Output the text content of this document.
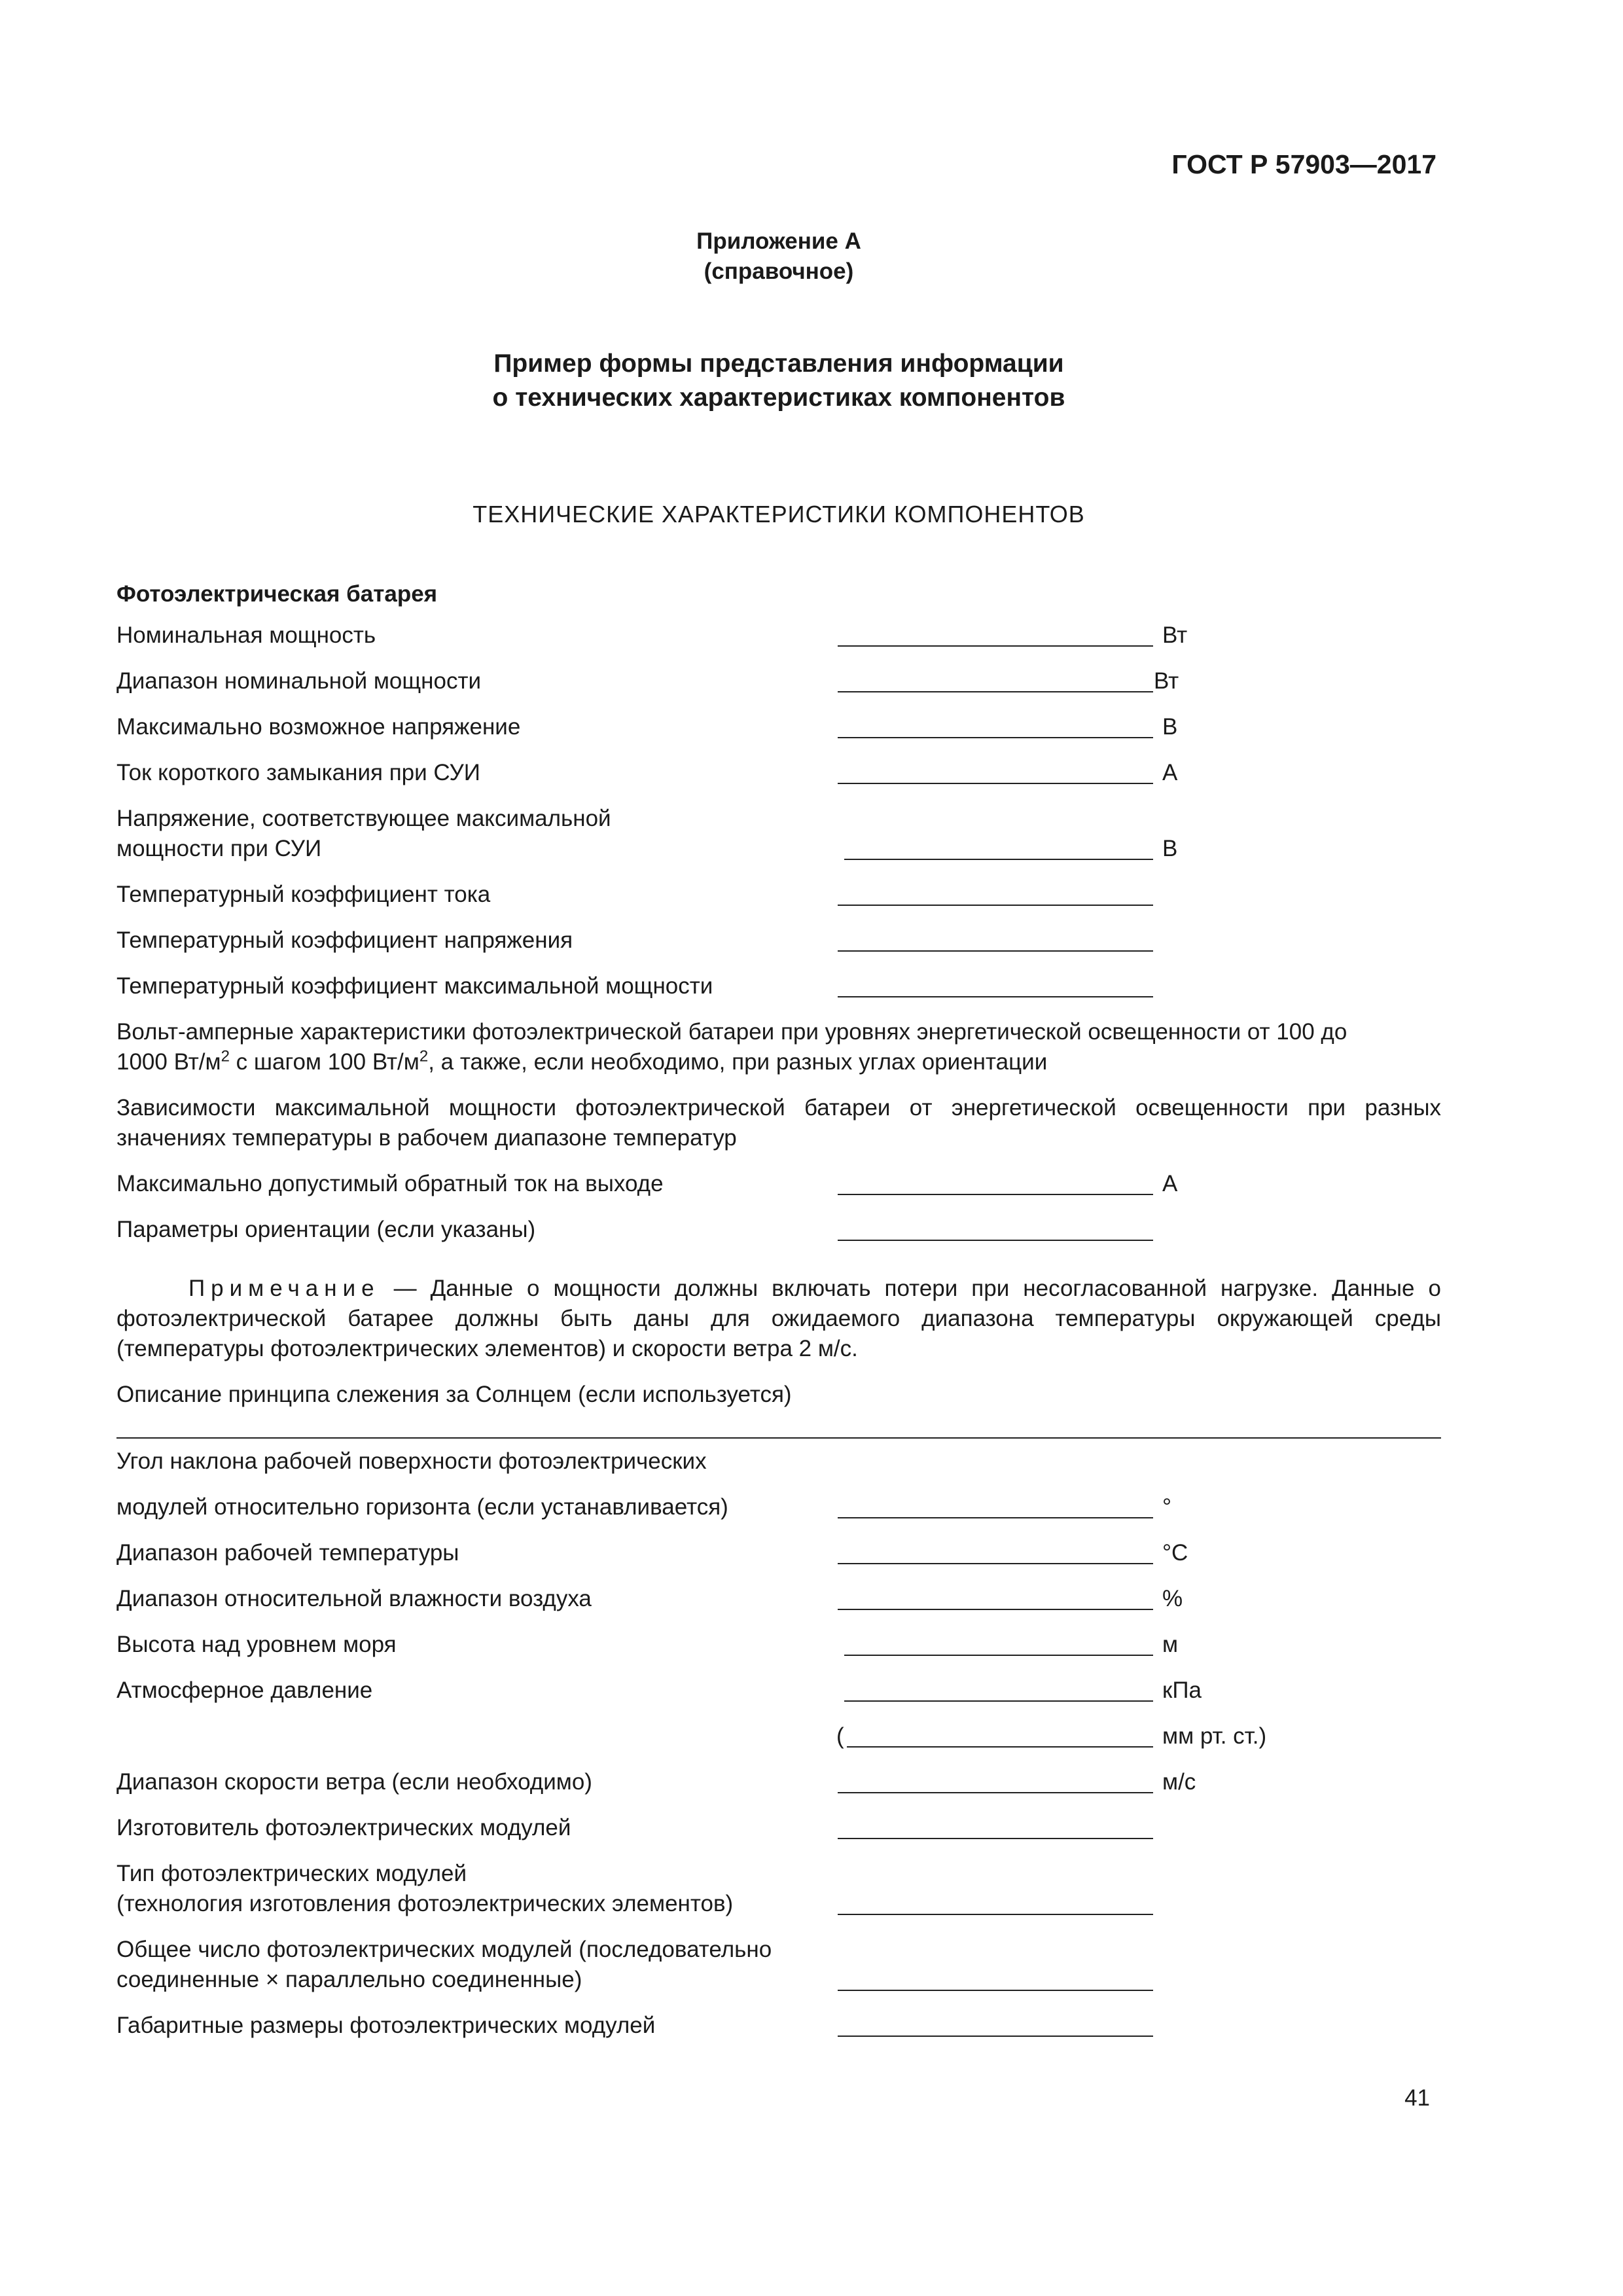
ГОСТ Р 57903—2017
Приложение А
(справочное)
Пример формы представления информации
о технических характеристиках компонентов
ТЕХНИЧЕСКИЕ ХАРАКТЕРИСТИКИ КОМПОНЕНТОВ
Фотоэлектрическая батарея
Номинальная мощность	Вт
Диапазон номинальной мощности	Вт
Максимально возможное напряжение	В
Ток короткого замыкания при СУИ	А
Напряжение, соответствующее максимальной
мощности при СУИ	В
Температурный коэффициент тока
Температурный коэффициент напряжения
Температурный коэффициент максимальной мощности
Вольт-амперные характеристики фотоэлектрической батареи при уровнях энергетической освещенности от 100 до
1000 $Вт/м^2$ с шагом 100 $Вт/м^2$, а также, если необходимо, при разных углах ориентации
Зависимости максимальной мощности фотоэлектрической батареи от энергетической освещенности при разных значениях температуры в рабочем диапазоне температур
Максимально допустимый обратный ток на выходе	А
Параметры ориентации (если указаны)
Примечание — Данные о мощности должны включать потери при несогласованной нагрузке. Данные о фотоэлектрической батарее должны быть даны для ожидаемого диапазона температуры окружающей среды (температуры фотоэлектрических элементов) и скорости ветра 2 м/с.
Описание принципа слежения за Солнцем (если используется)
Угол наклона рабочей поверхности фотоэлектрических
модулей относительно горизонта (если устанавливается)	°
Диапазон рабочей температуры	°C
Диапазон относительной влажности воздуха	%
Высота над уровнем моря	м
Атмосферное давление	кПа
(	мм рт. ст.)
Диапазон скорости ветра (если необходимо)	м/с
Изготовитель фотоэлектрических модулей
Тип фотоэлектрических модулей
(технология изготовления фотоэлектрических элементов)
Общее число фотоэлектрических модулей (последовательно
соединенные × параллельно соединенные)
Габаритные размеры фотоэлектрических модулей
41
